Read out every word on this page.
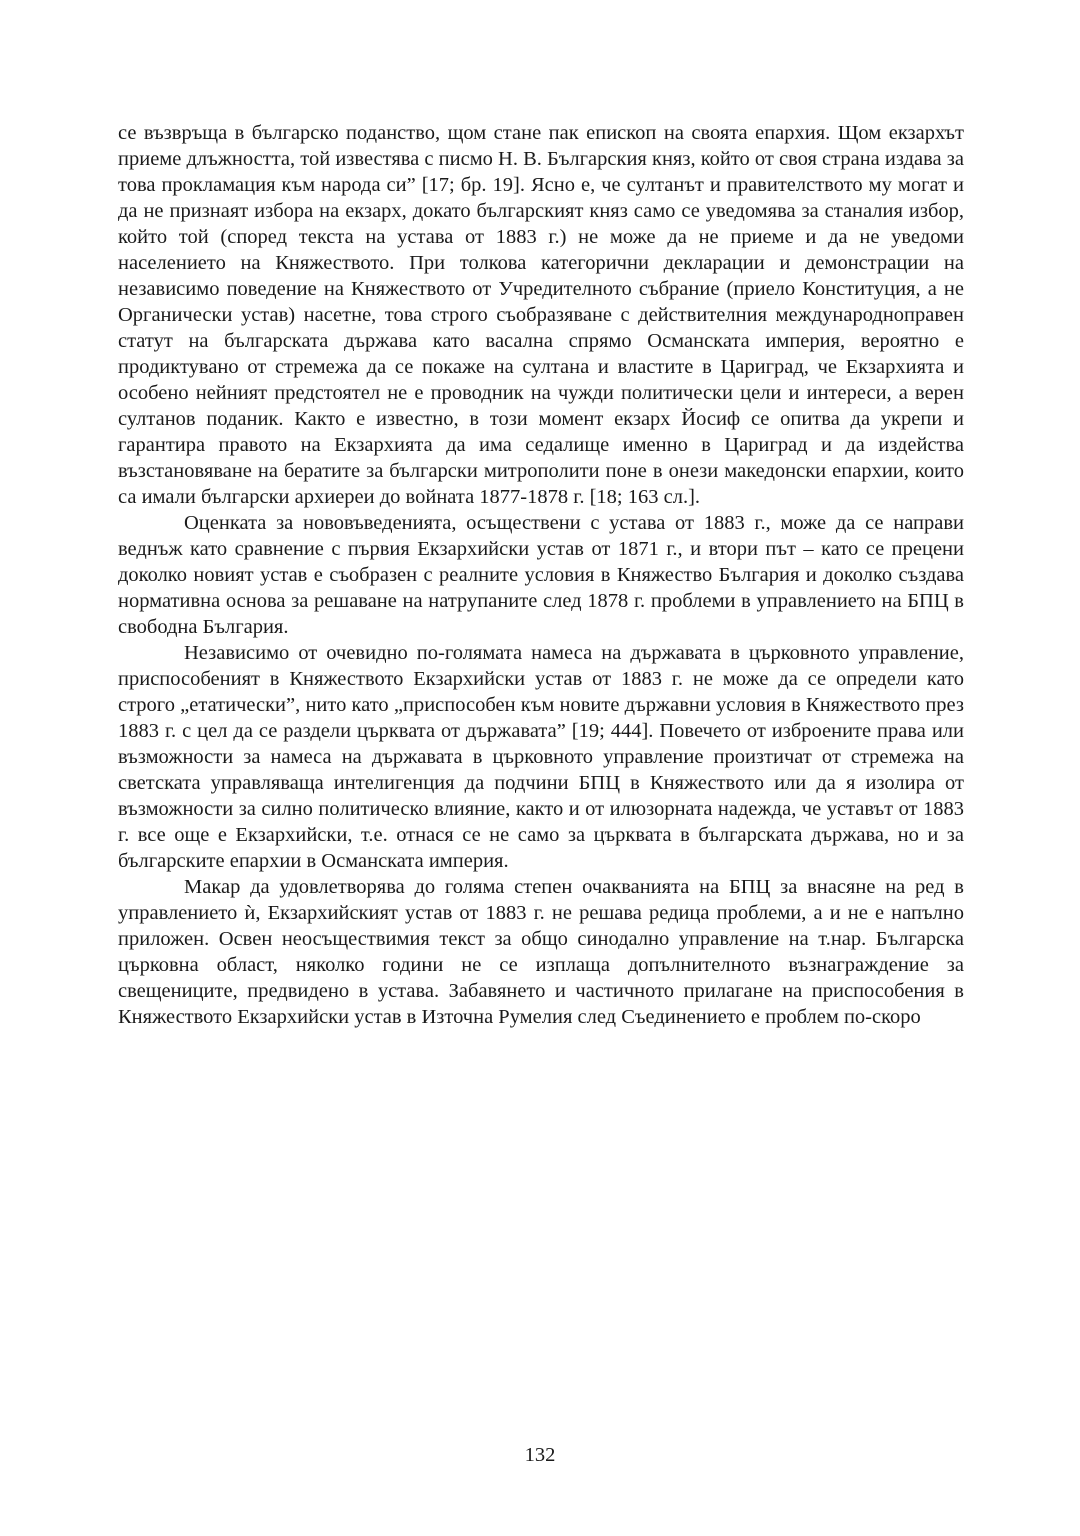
се възвръща в българско поданство, щом стане пак епископ на своята епархия. Щом екзархът приеме длъжността, той известява с писмо Н. В. Българския княз, който от своя страна издава за това прокламация към народа си” [17; бр. 19]. Ясно е, че султанът и правителството му могат и да не признаят избора на екзарх, докато българският княз само се уведомява за станалия избор, който той (според текста на устава от 1883 г.) не може да не приеме и да не уведоми населението на Княжеството. При толкова категорични декларации и демонстрации на независимо поведение на Княжеството от Учредителното събрание (приело Конституция, а не Органически устав) насетне, това строго съобразяване с действителния международноправен статут на българската държава като васална спрямо Османската империя, вероятно е продиктувано от стремежа да се покаже на султана и властите в Цариград, че Екзархията и особено нейният предстоятел не е проводник на чужди политически цели и интереси, а верен султанов поданик. Както е известно, в този момент екзарх Йосиф се опитва да укрепи и гарантира правото на Екзархията да има седалище именно в Цариград и да издейства възстановяване на бератите за български митрополити поне в онези македонски епархии, които са имали български архиереи до войната 1877-1878 г. [18; 163 сл.].

Оценката за нововъведенията, осъществени с устава от 1883 г., може да се направи веднъж като сравнение с първия Екзархийски устав от 1871 г., и втори път – като се прецени доколко новият устав е съобразен с реалните условия в Княжество България и доколко създава нормативна основа за решаване на натрупаните след 1878 г. проблеми в управлението на БПЦ в свободна България.

Независимо от очевидно по-голямата намеса на държавата в църковното управление, приспособеният в Княжеството Екзархийски устав от 1883 г. не може да се определи като строго „етатически”, нито като „приспособен към новите държавни условия в Княжеството през 1883 г. с цел да се раздели църквата от държавата” [19; 444]. Повечето от изброените права или възможности за намеса на държавата в църковното управление произтичат от стремежа на светската управляваща интелигенция да подчини БПЦ в Княжеството или да я изолира от възможности за силно политическо влияние, както и от илюзорната надежда, че уставът от 1883 г. все още е Екзархийски, т.е. отнася се не само за църквата в българската държава, но и за българските епархии в Османската империя.

Макар да удовлетворява до голяма степен очакванията на БПЦ за внасяне на ред в управлението ѝ, Екзархийският устав от 1883 г. не решава редица проблеми, а и не е напълно приложен. Освен неосъществимия текст за общо синодално управление на т.нар. Българска църковна област, няколко години не се изплаща допълнителното възнаграждение за свещениците, предвидено в устава. Забавянето и частичното прилагане на приспособения в Княжеството Екзархийски устав в Източна Румелия след Съединението е проблем по-скоро

132
